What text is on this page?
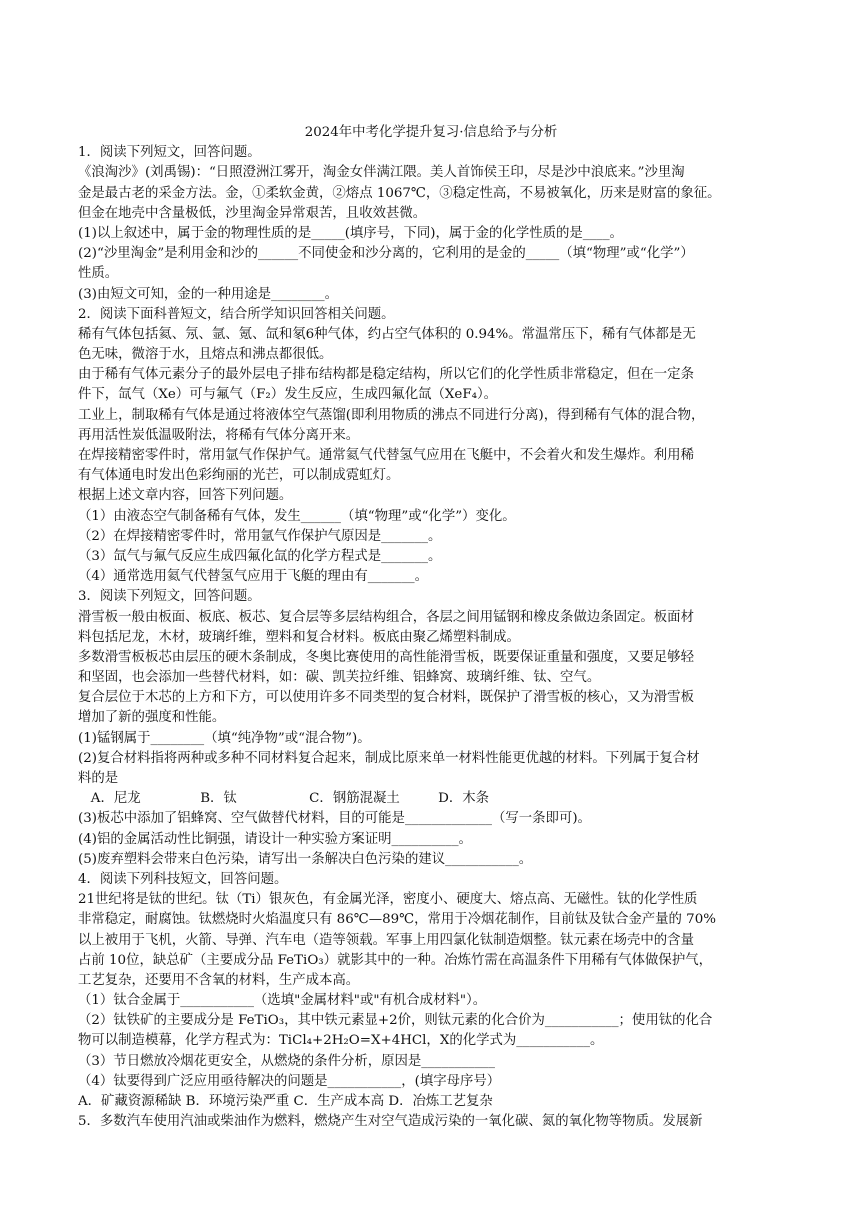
2024年中考化学提升复习·信息给予与分析
1．阅读下列短文，回答问题。
《浪淘沙》(刘禹锡)：“日照澄洲江雾开，淘金女伴满江隈。美人首饰侯王印，尽是沙中浪底来。”沙里淘
金是最古老的采金方法。金，①柔软金黄，②熔点 1067℃，③稳定性高，不易被氧化，历来是财富的象征。
但金在地壳中含量极低，沙里淘金异常艰苦，且收效甚微。
(1)以上叙述中，属于金的物理性质的是_____(填序号，下同)，属于金的化学性质的是____。
(2)“沙里淘金”是利用金和沙的______不同使金和沙分离的，它利用的是金的_____（填“物理”或“化学”）
性质。
(3)由短文可知，金的一种用途是________。
2．阅读下面科普短文，结合所学知识回答相关问题。
稀有气体包括氦、氖、氩、氪、氙和氡6种气体，约占空气体积的 0.94%。常温常压下，稀有气体都是无
色无味，微溶于水，且熔点和沸点都很低。
由于稀有气体元素分子的最外层电子排布结构都是稳定结构，所以它们的化学性质非常稳定，但在一定条
件下，氙气（Xe）可与氟气（F₂）发生反应，生成四氟化氙（XeF₄）。
工业上，制取稀有气体是通过将液体空气蒸馏(即利用物质的沸点不同进行分离)，得到稀有气体的混合物，
再用活性炭低温吸附法，将稀有气体分离开来。
在焊接精密零件时，常用氩气作保护气。通常氦气代替氢气应用在飞艇中，不会着火和发生爆炸。利用稀
有气体通电时发出色彩绚丽的光芒，可以制成霓虹灯。
根据上述文章内容，回答下列问题。
（1）由液态空气制备稀有气体，发生______（填“物理”或“化学”）变化。
（2）在焊接精密零件时，常用氩气作保护气原因是_______。
（3）氙气与氟气反应生成四氟化氙的化学方程式是_______。
（4）通常选用氦气代替氢气应用于飞艇的理由有_______。
3．阅读下列短文，回答问题。
滑雪板一般由板面、板底、板芯、复合层等多层结构组合，各层之间用锰钢和橡皮条做边条固定。板面材
料包括尼龙，木材，玻璃纤维，塑料和复合材料。板底由聚乙烯塑料制成。
多数滑雪板板芯由层压的硬木条制成，冬奥比赛使用的高性能滑雪板，既要保证重量和强度，又要足够轻
和坚固，也会添加一些替代材料，如：碳、凯芙拉纤维、铝蜂窝、玻璃纤维、钛、空气。
复合层位于木芯的上方和下方，可以使用许多不同类型的复合材料，既保护了滑雪板的核心，又为滑雪板
增加了新的强度和性能。
(1)锰钢属于________（填“纯净物”或“混合物”)。
(2)复合材料指将两种或多种不同材料复合起来，制成比原来单一材料性能更优越的材料。下列属于复合材
料的是
A．尼龙              B．钛                 C．钢筋混凝土         D．木条
(3)板芯中添加了铝蜂窝、空气做替代材料，目的可能是_____________（写一条即可)。
(4)铝的金属活动性比铜强，请设计一种实验方案证明__________。
(5)废弃塑料会带来白色污染，请写出一条解决白色污染的建议___________。
4．阅读下列科技短文，回答问题。
21世纪将是钛的世纪。钛（Ti）银灰色，有金属光泽，密度小、硬度大、熔点高、无磁性。钛的化学性质
非常稳定，耐腐蚀。钛燃烧时火焰温度只有 86℃—89℃，常用于冷烟花制作，目前钛及钛合金产量的 70%
以上被用于飞机，火箭、导弹、汽车电（造等领载。军事上用四氯化钛制造烟整。钛元素在场壳中的含量
占前 10位，缺总矿（主要成分品 FeTiO₃）就影其中的一种。冶炼竹需在高温条件下用稀有气体做保护气，
工艺复杂，还要用不含氧的材料，生产成本高。
（1）钛合金属于___________（选填"金属材料"或"有机合成材料"）。
（2）钛铁矿的主要成分是 FeTiO₃，其中铁元素显+2价，则钛元素的化合价为___________；使用钛的化合
物可以制造模幕，化学方程式为：TiCl₄+2H₂O=X+4HCl，X的化学式为___________。
（3）节日燃放冷烟花更安全，从燃烧的条件分析，原因是___________
（4）钛要得到广泛应用亟待解决的问题是___________，(填字母序号）
A．矿藏资源稀缺 B．环境污染严重 C．生产成本高 D．冶炼工艺复杂
5．多数汽车使用汽油或柴油作为燃料，燃烧产生对空气造成污染的一氧化碳、氮的氧化物等物质。发展新
